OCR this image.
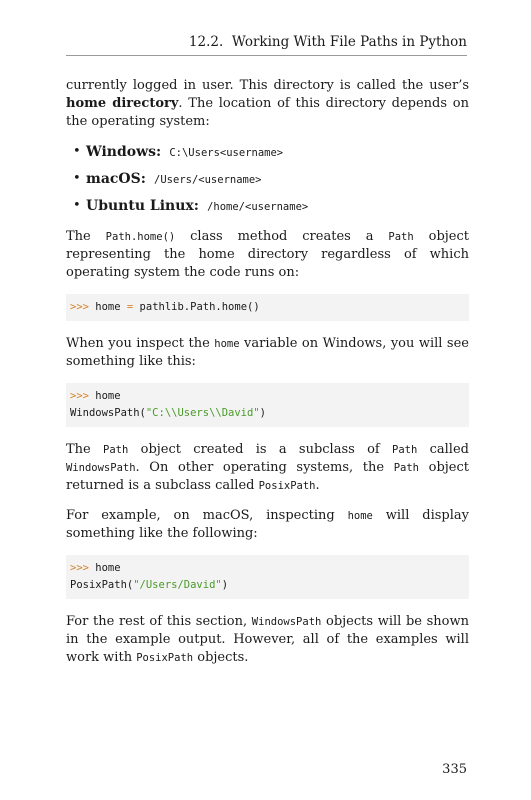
12.2. Working With File Paths in Python

currently logged in user. This directory is called the user’s home directory. The location of this directory depends on the operating system:

• Windows: C:\Users<username>
• macOS: /Users/<username>
• Ubuntu Linux: /home/<username>

The Path.home() class method creates a Path object representing the home directory regardless of which operating system the code runs on:

>>> home = pathlib.Path.home()

When you inspect the home variable on Windows, you will see something like this:

>>> home
WindowsPath("C:\\Users\\David")

The Path object created is a subclass of Path called WindowsPath. On other operating systems, the Path object returned is a subclass called PosixPath.

For example, on macOS, inspecting home will display something like the following:

>>> home
PosixPath("/Users/David")

For the rest of this section, WindowsPath objects will be shown in the example output. However, all of the examples will work with PosixPath objects.

335
